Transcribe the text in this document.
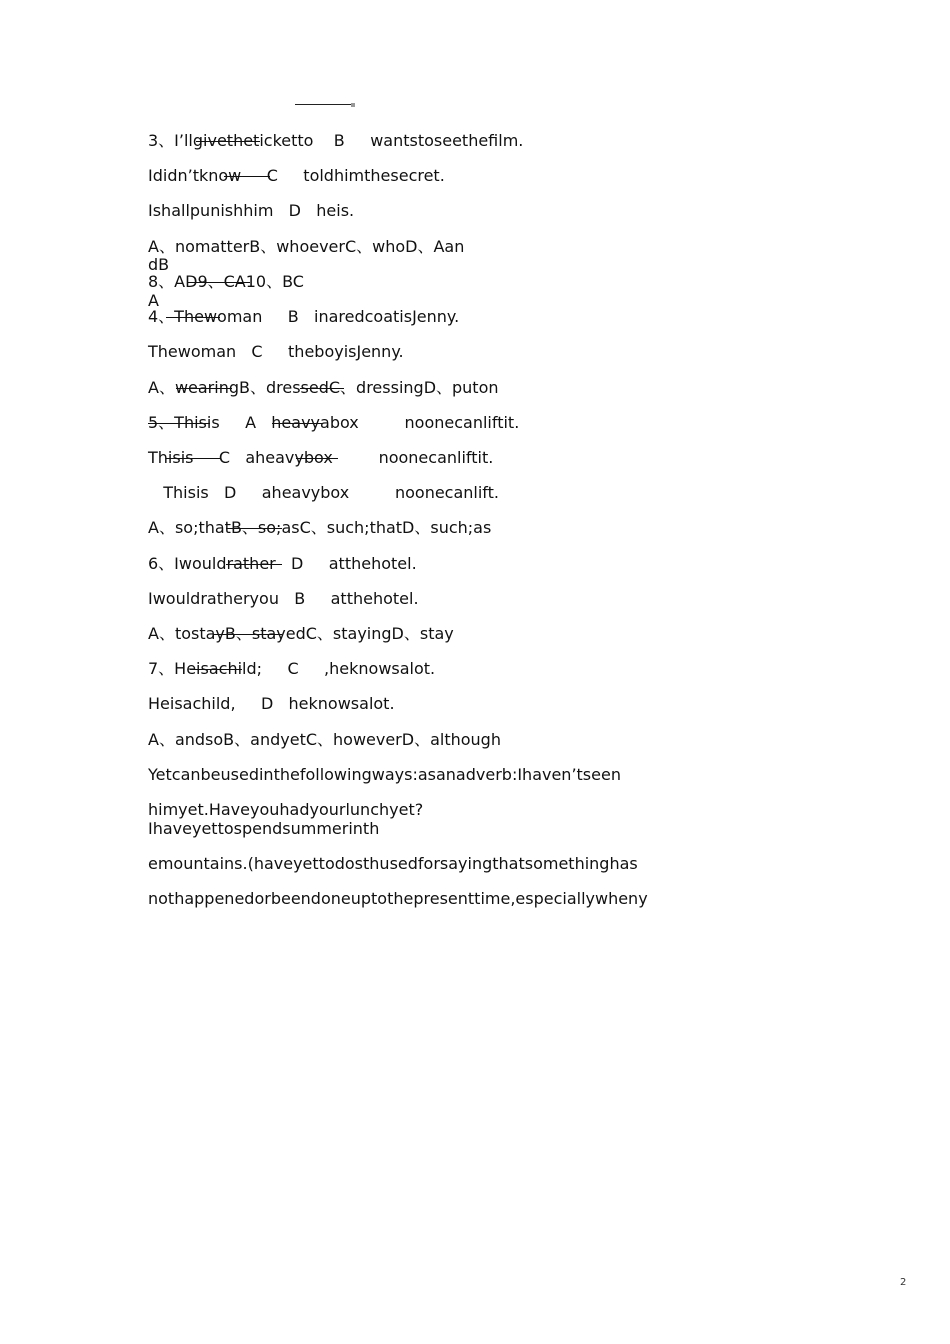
3、I’llgivetheticketto    B     wantstoseethefilm.
Ididn’tknow     C     toldhimthesecret.
Ishallpunishhim   D   heis.
A、nomatterB、whoeverC、whoD、Aan
dB
8、AD9、CA10、BC
A
4、Thewoman     B   inaredcoatisJenny.
Thewoman   C     theboyisJenny.
A、wearingB、dressedC、dressingD、puton
5、Thisis     A   heavyabox         noonecanliftit.
Thisis     C   aheavybox         noonecanliftit.
Thisis   D     aheavybox         noonecanlift.
A、so;thatB、so;asC、such;thatD、such;as
6、Iwouldrather   D     atthehotel.
Iwouldratheryou   B     atthehotel.
A、tostayB、stayedC、stayingD、stay
7、Heisachild;     C     ,heknowsalot.
Heisachild,     D   heknowsalot.
A、andsoB、andyetC、howeverD、although
Yetcanbeusedinthefollowingways:asanadverb:Ihaven’tseen
himyet.Haveyouhadyourlunchyet?
Ihaveyettospendsummerinth
emountains.(haveyettodosthusedforsayingthatsomethinghas
nothappenedorbeendoneuptothepresenttime,especiallywheny
2
